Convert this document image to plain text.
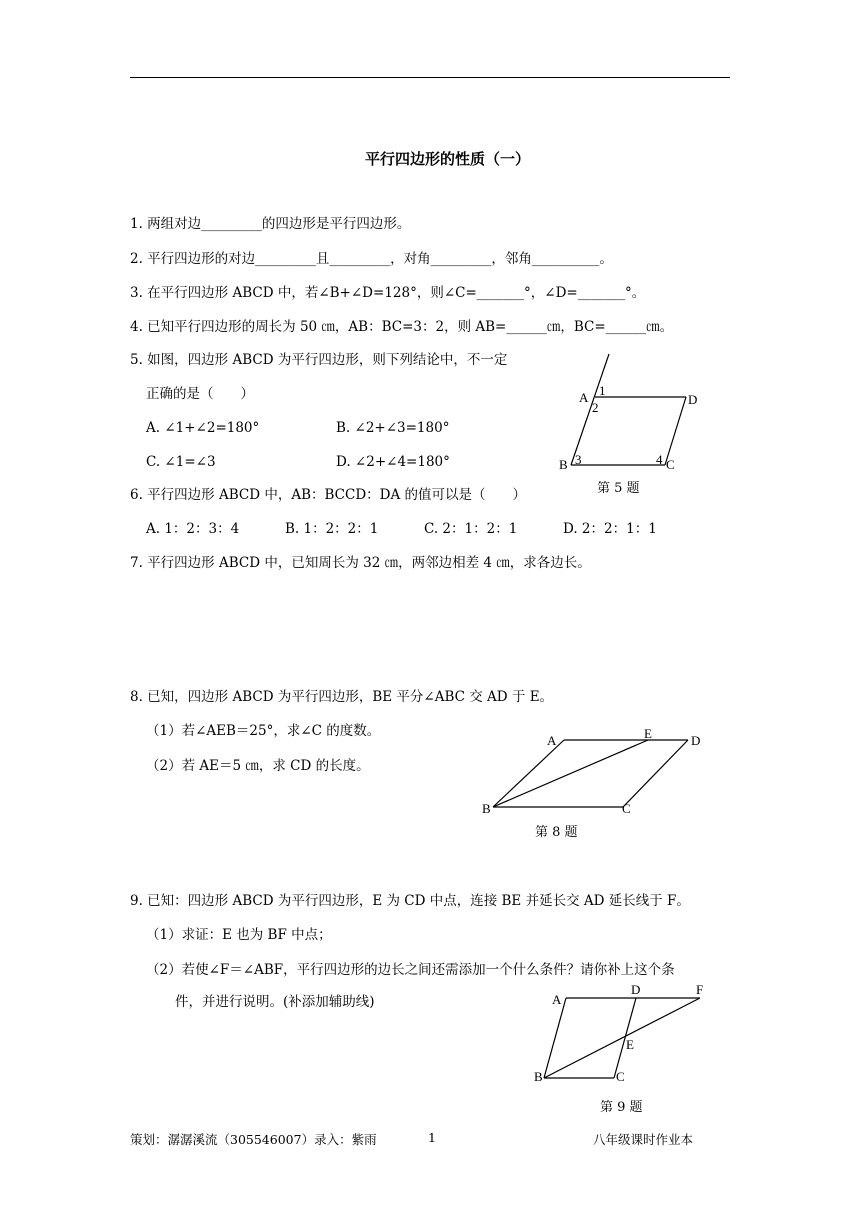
平行四边形的性质（一）
1. 两组对边_________的四边形是平行四边形。
2. 平行四边形的对边_________且_________，对角_________，邻角__________。
3. 在平行四边形 ABCD 中，若∠B+∠D=128°，则∠C=_______°，∠D=_______°。
4. 已知平行四边形的周长为 50 ㎝，AB：BC=3：2，则 AB=______㎝，BC=______㎝。
5. 如图，四边形 ABCD 为平行四边形，则下列结论中，不一定
正确的是（　　）
A. ∠1+∠2=180°	B. ∠2+∠3=180°
C. ∠1=∠3	D. ∠2+∠4=180°
A 1
2
D
B 3	4 C
第 5 题
6. 平行四边形 ABCD 中，AB：BCCD：DA 的值可以是（　　）
A. 1：2：3：4	B. 1：2：2：1	C. 2：1：2：1	D. 2：2：1：1
7. 平行四边形 ABCD 中，已知周长为 32 ㎝，两邻边相差 4 ㎝，求各边长。
8. 已知，四边形 ABCD 为平行四边形，BE 平分∠ABC 交 AD 于 E。
（1）若∠AEB＝25°，求∠C 的度数。
（2）若 AE＝5 ㎝，求 CD 的长度。
A	E	D
B	C
第 8 题
9. 已知：四边形 ABCD 为平行四边形，E 为 CD 中点，连接 BE 并延长交 AD 延长线于 F。
（1）求证：E 也为 BF 中点；
（2）若使∠F＝∠ABF，平行四边形的边长之间还需添加一个什么条件？请你补上这个条
件，并进行说明。(补添加辅助线)	A
D	F
E
B	C
第 9 题
策划：潺潺溪流（305546007）录入：紫雨	1	八年级课时作业本
